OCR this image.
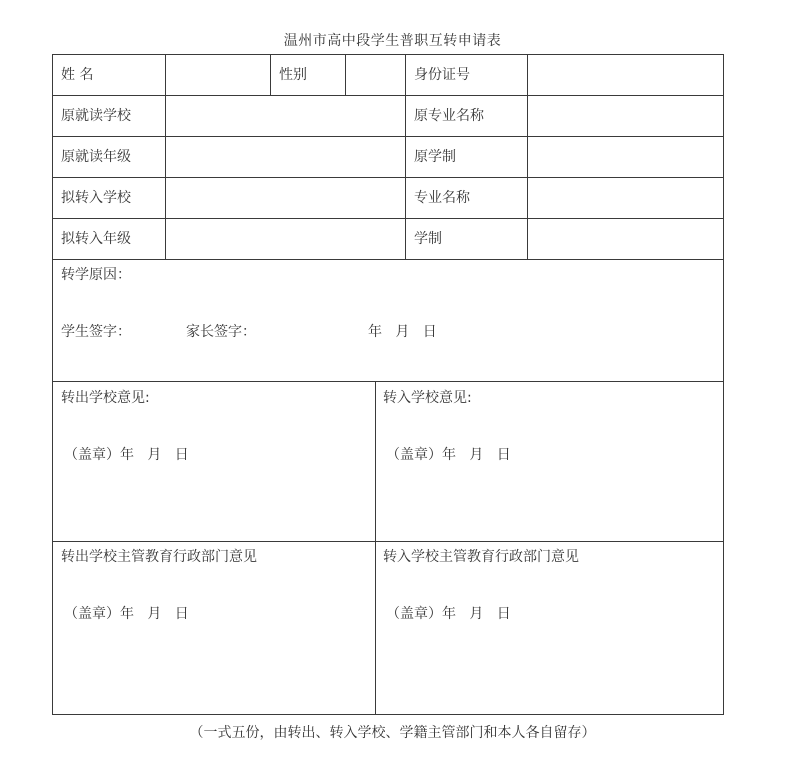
温州市高中段学生普职互转申请表
姓 名	性别	身份证号
原就读学校	原专业名称
原就读年级	原学制
拟转入学校	专业名称
拟转入年级	学制
转学原因：
学生签字：	家长签字：	年   月   日
转出学校意见:	转入学校意见:
（盖章）年   月   日	（盖章）年   月   日
转出学校主管教育行政部门意见	转入学校主管教育行政部门意见
（盖章）年   月   日	（盖章）年   月   日
（一式五份，由转出、转入学校、学籍主管部门和本人各自留存）
